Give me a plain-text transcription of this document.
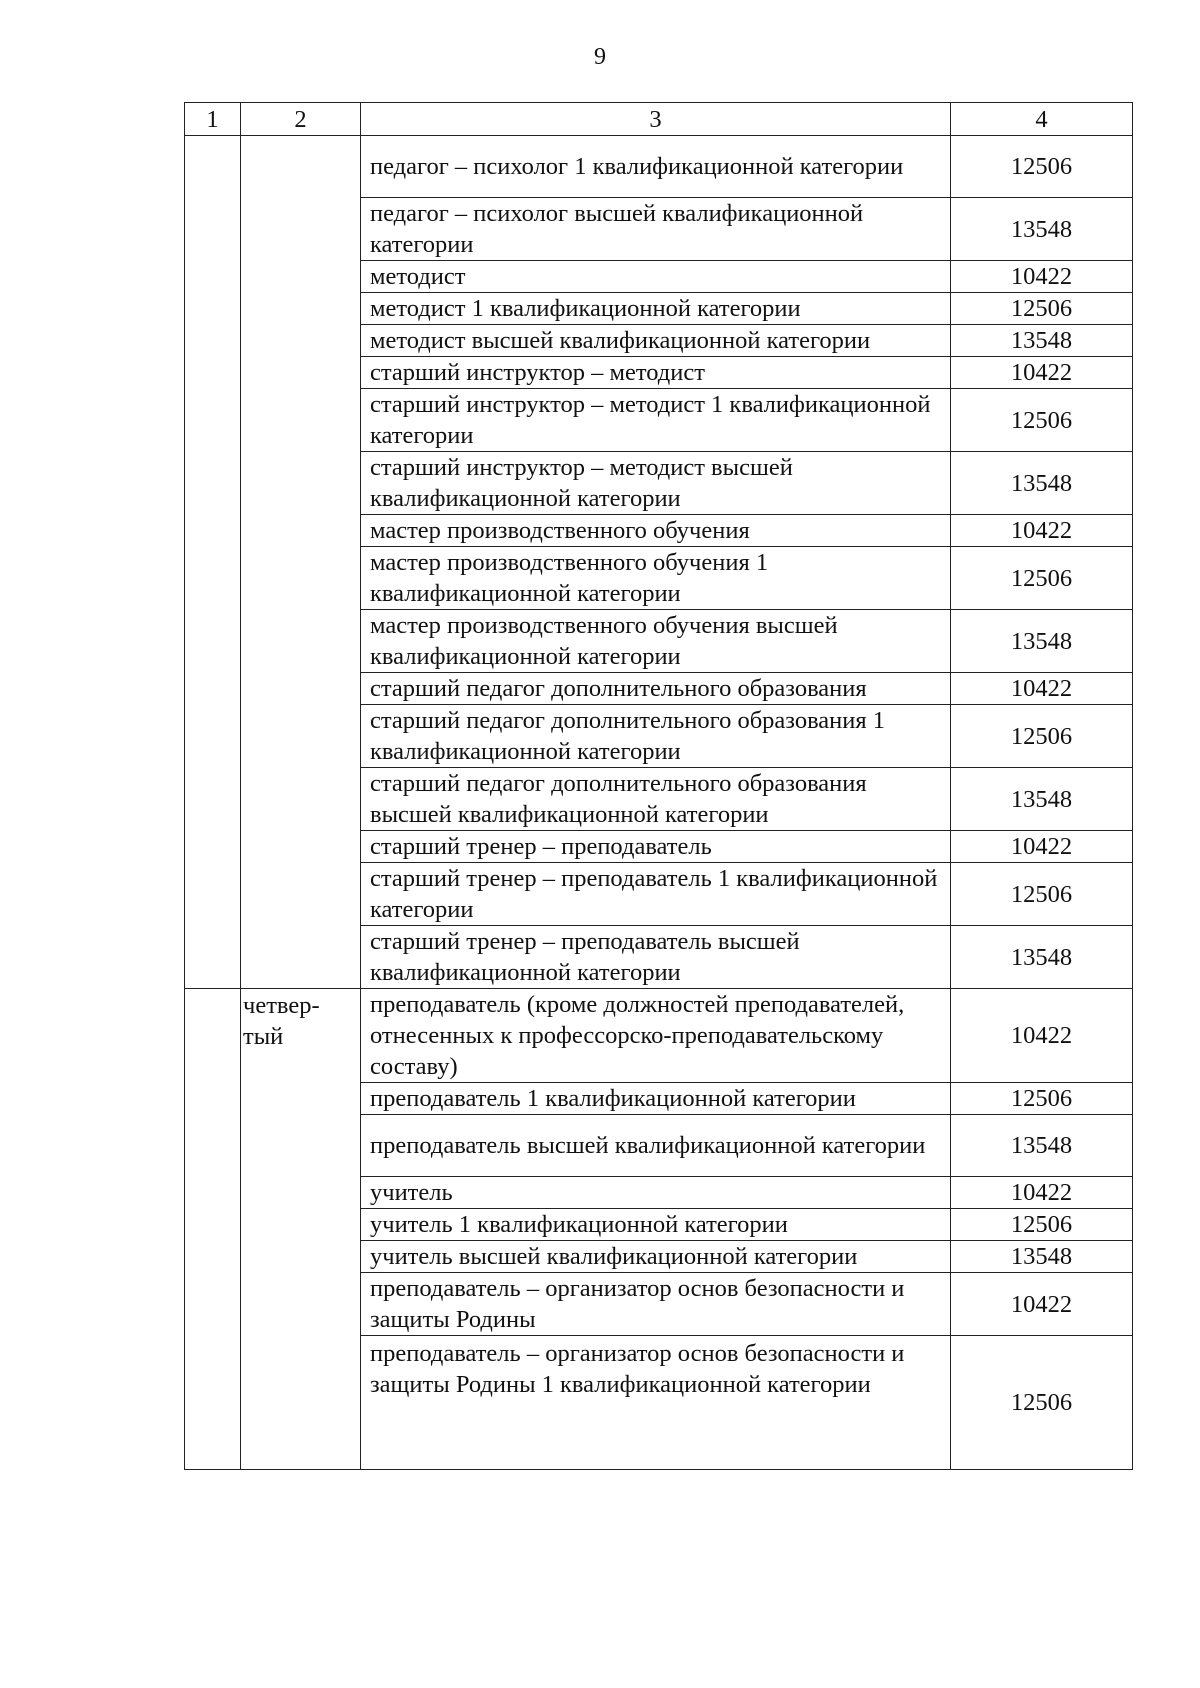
9
1	2	3	4
		педагог – психолог 1 квалификационной категории	12506
		педагог – психолог высшей квалификационной категории	13548
		методист	10422
		методист 1 квалификационной категории	12506
		методист высшей квалификационной категории	13548
		старший инструктор – методист	10422
		старший инструктор – методист 1 квалификационной категории	12506
		старший инструктор – методист высшей квалификационной категории	13548
		мастер производственного обучения	10422
		мастер производственного обучения 1 квалификационной категории	12506
		мастер производственного обучения высшей квалификационной категории	13548
		старший педагог дополнительного образования	10422
		старший педагог дополнительного образования 1 квалификационной категории	12506
		старший педагог дополнительного образования высшей квалификационной категории	13548
		старший тренер – преподаватель	10422
		старший тренер – преподаватель 1 квалификационной категории	12506
		старший тренер – преподаватель высшей квалификационной категории	13548
	четвер-тый	преподаватель (кроме должностей преподавателей, отнесенных к профессорско-преподавательскому составу)	10422
		преподаватель 1 квалификационной категории	12506
		преподаватель высшей квалификационной категории	13548
		учитель	10422
		учитель 1 квалификационной категории	12506
		учитель высшей квалификационной категории	13548
		преподаватель – организатор основ безопасности и защиты Родины	10422
		преподаватель – организатор основ безопасности и защиты Родины 1 квалификационной категории	12506
